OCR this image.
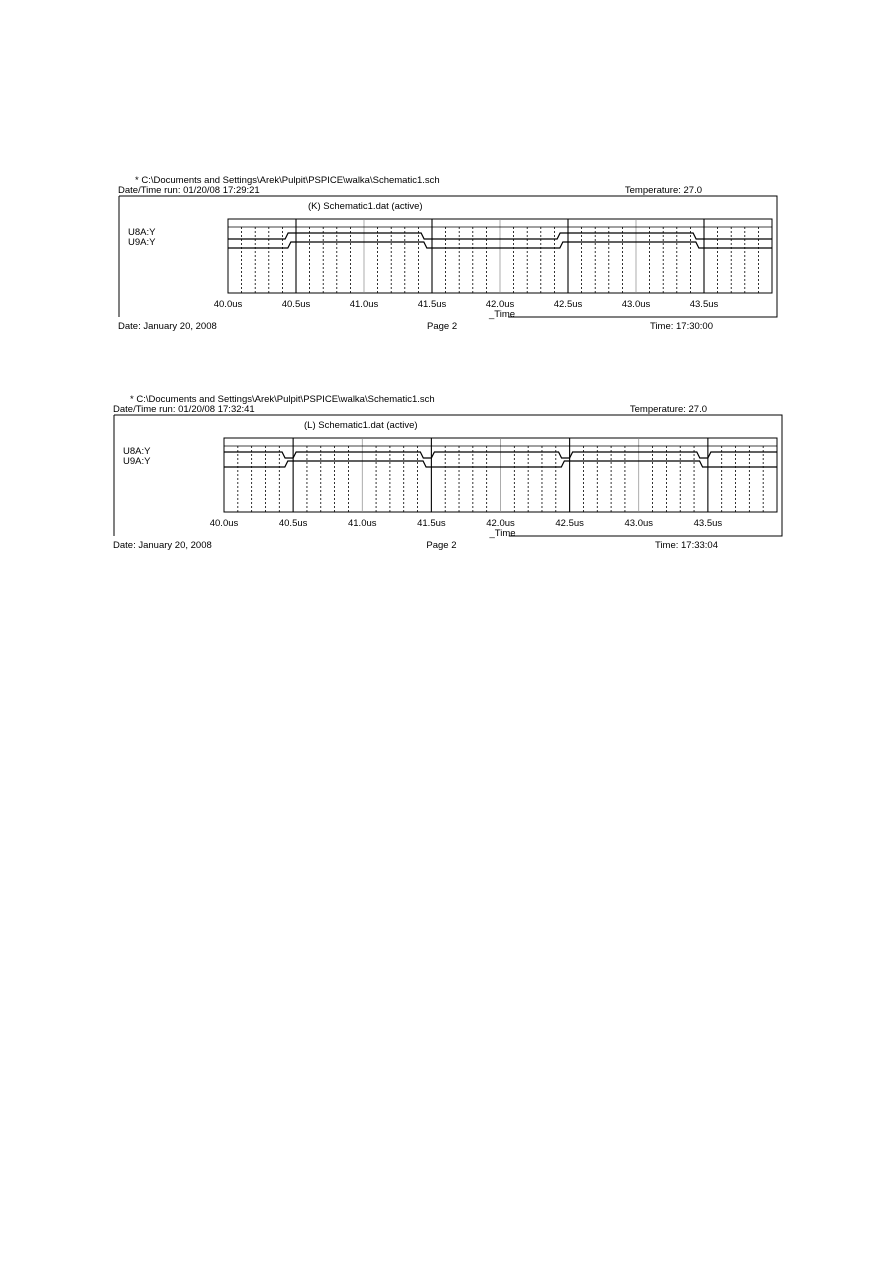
* C:\Documents and Settings\Arek\Pulpit\PSPICE\walka\Schematic1.sch
Date/Time run: 01/20/08 17:29:21	Temperature: 27.0
(K) Schematic1.dat (active)
U8A:Y
U9A:Y
40.0us	40.5us	41.0us	41.5us	42.0us	42.5us	43.0us	43.5us
_Time
Date: January 20, 2008	Page 2	Time: 17:30:00
* C:\Documents and Settings\Arek\Pulpit\PSPICE\walka\Schematic1.sch
Date/Time run: 01/20/08 17:32:41	Temperature: 27.0
(L) Schematic1.dat (active)
U8A:Y
U9A:Y
40.0us	40.5us	41.0us	41.5us	42.0us	42.5us	43.0us	43.5us
_Time
Date: January 20, 2008	Page 2	Time: 17:33:04
